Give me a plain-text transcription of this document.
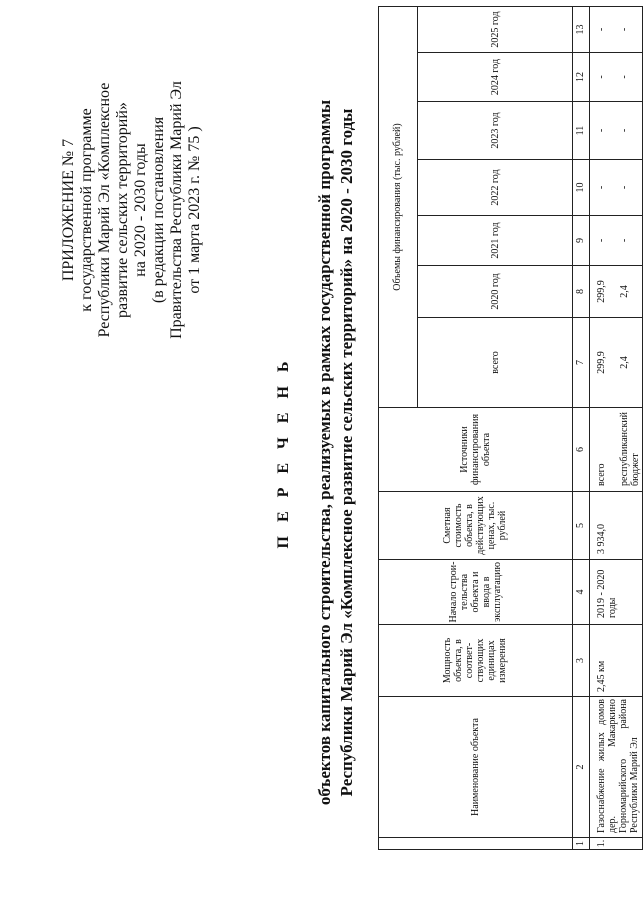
ПРИЛОЖЕНИЕ № 7 к государственной программе Республики Марий Эл «Комплексное развитие сельских территорий» на 2020 - 2030 годы (в редакции постановления Правительства Республики Марий Эл от 1 марта 2023 г. № 75 )
П Е Р Е Ч Е Н Ь объектов капитального строительства, реализуемых в рамках государственной программы Республики Марий Эл «Комплексное развитие сельских территорий» на 2020 - 2030 годы	Наименование объекта
Мощность объекта, в соответствующих единицах измерения
Начало строительства объекта и ввода в эксплуатацию
Сметная стоимость объекта, в действующих ценах, тыс. рублей
Источники финансирования объекта
Объемы финансирования (тыс. рублей)
всего
2020 год
2021 год
2022 год
2023 год
2024 год
2025 год
1
2
3
4
5
6
7
8
9
10
11
12
13
1.
Газоснабжение жилых домов дер. Макаркино Горномарийского района Республики Марий Эл
2,45 км
2019 - 2020 годы
3 934,0
всего
299,9
299,9
-
-
-
-
-
республиканский бюджет
2,4
2,4
-
-
-
-
-
